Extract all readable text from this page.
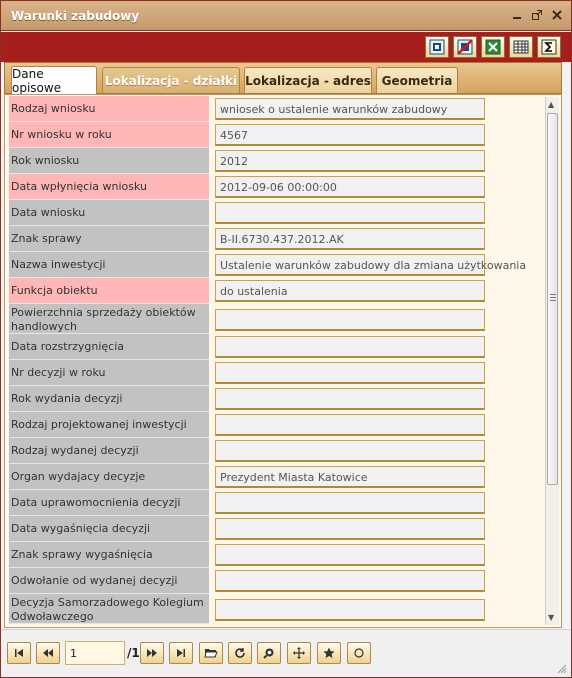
Warunki zabudowy
Dane opisowe	Lokalizacja - działki Lokalizacja - adres Geometria
Rodzaj wniosku	wniosek o ustalenie warunków zabudowy
Nr wniosku w roku	4567
Rok wniosku	2012
Data wpłynięcia wniosku	2012-09-06 00:00:00
Data wniosku
Znak sprawy	B-II.6730.437.2012.AK
Nazwa inwestycji	Ustalenie warunków zabudowy dla zmiana użytkowania
Funkcja obiektu	do ustalenia
Powierzchnia sprzedaży obiektów handlowych
Data rozstrzygnięcia
Nr decyzji w roku
Rok wydania decyzji
Rodzaj projektowanej inwestycji
Rodzaj wydanej decyzji
Organ wydajacy decyzje	Prezydent Miasta Katowice
Data uprawomocnienia decyzji
Data wygaśnięcia decyzji
Znak sprawy wygaśnięcia
Odwołanie od wydanej decyzji
Decyzja Samorzadowego Kolegium Odwoławczego
▲
▼
1	/1
